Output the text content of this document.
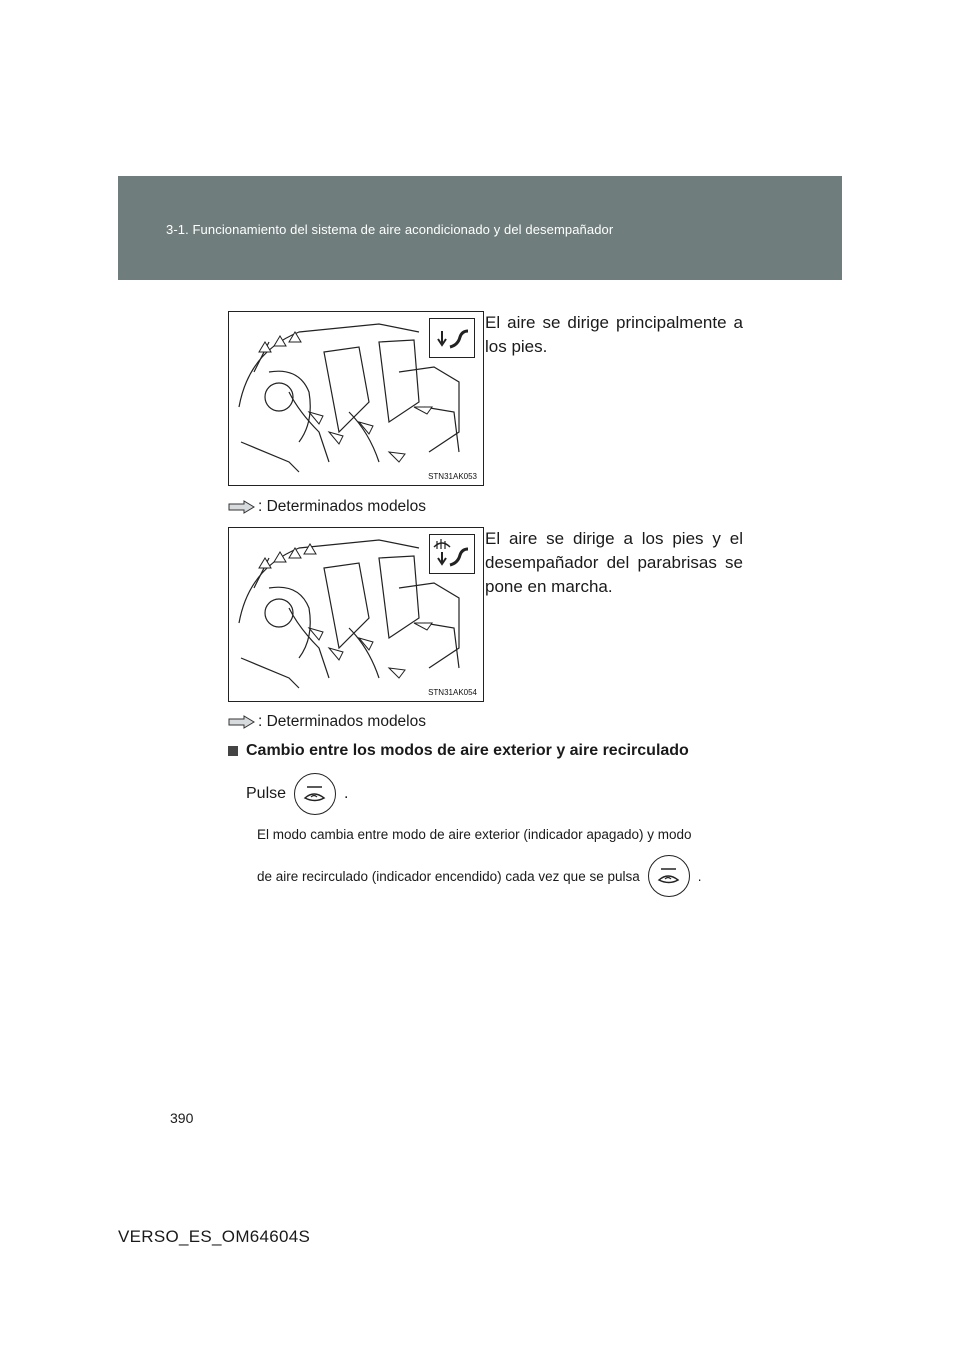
3-1. Funcionamiento del sistema de aire acondicionado y del desempañador
STN31AK053
El aire se dirige principalmente a los pies.
: Determinados modelos
STN31AK054
El aire se dirige a los pies y el desempañador del parabrisas se pone en marcha.
: Determinados modelos
Cambio entre los modos de aire exterior y aire recirculado
Pulse	.
El modo cambia entre modo de aire exterior (indicador apagado) y modo
de aire recirculado (indicador encendido) cada vez que se pulsa	.
390
VERSO_ES_OM64604S
